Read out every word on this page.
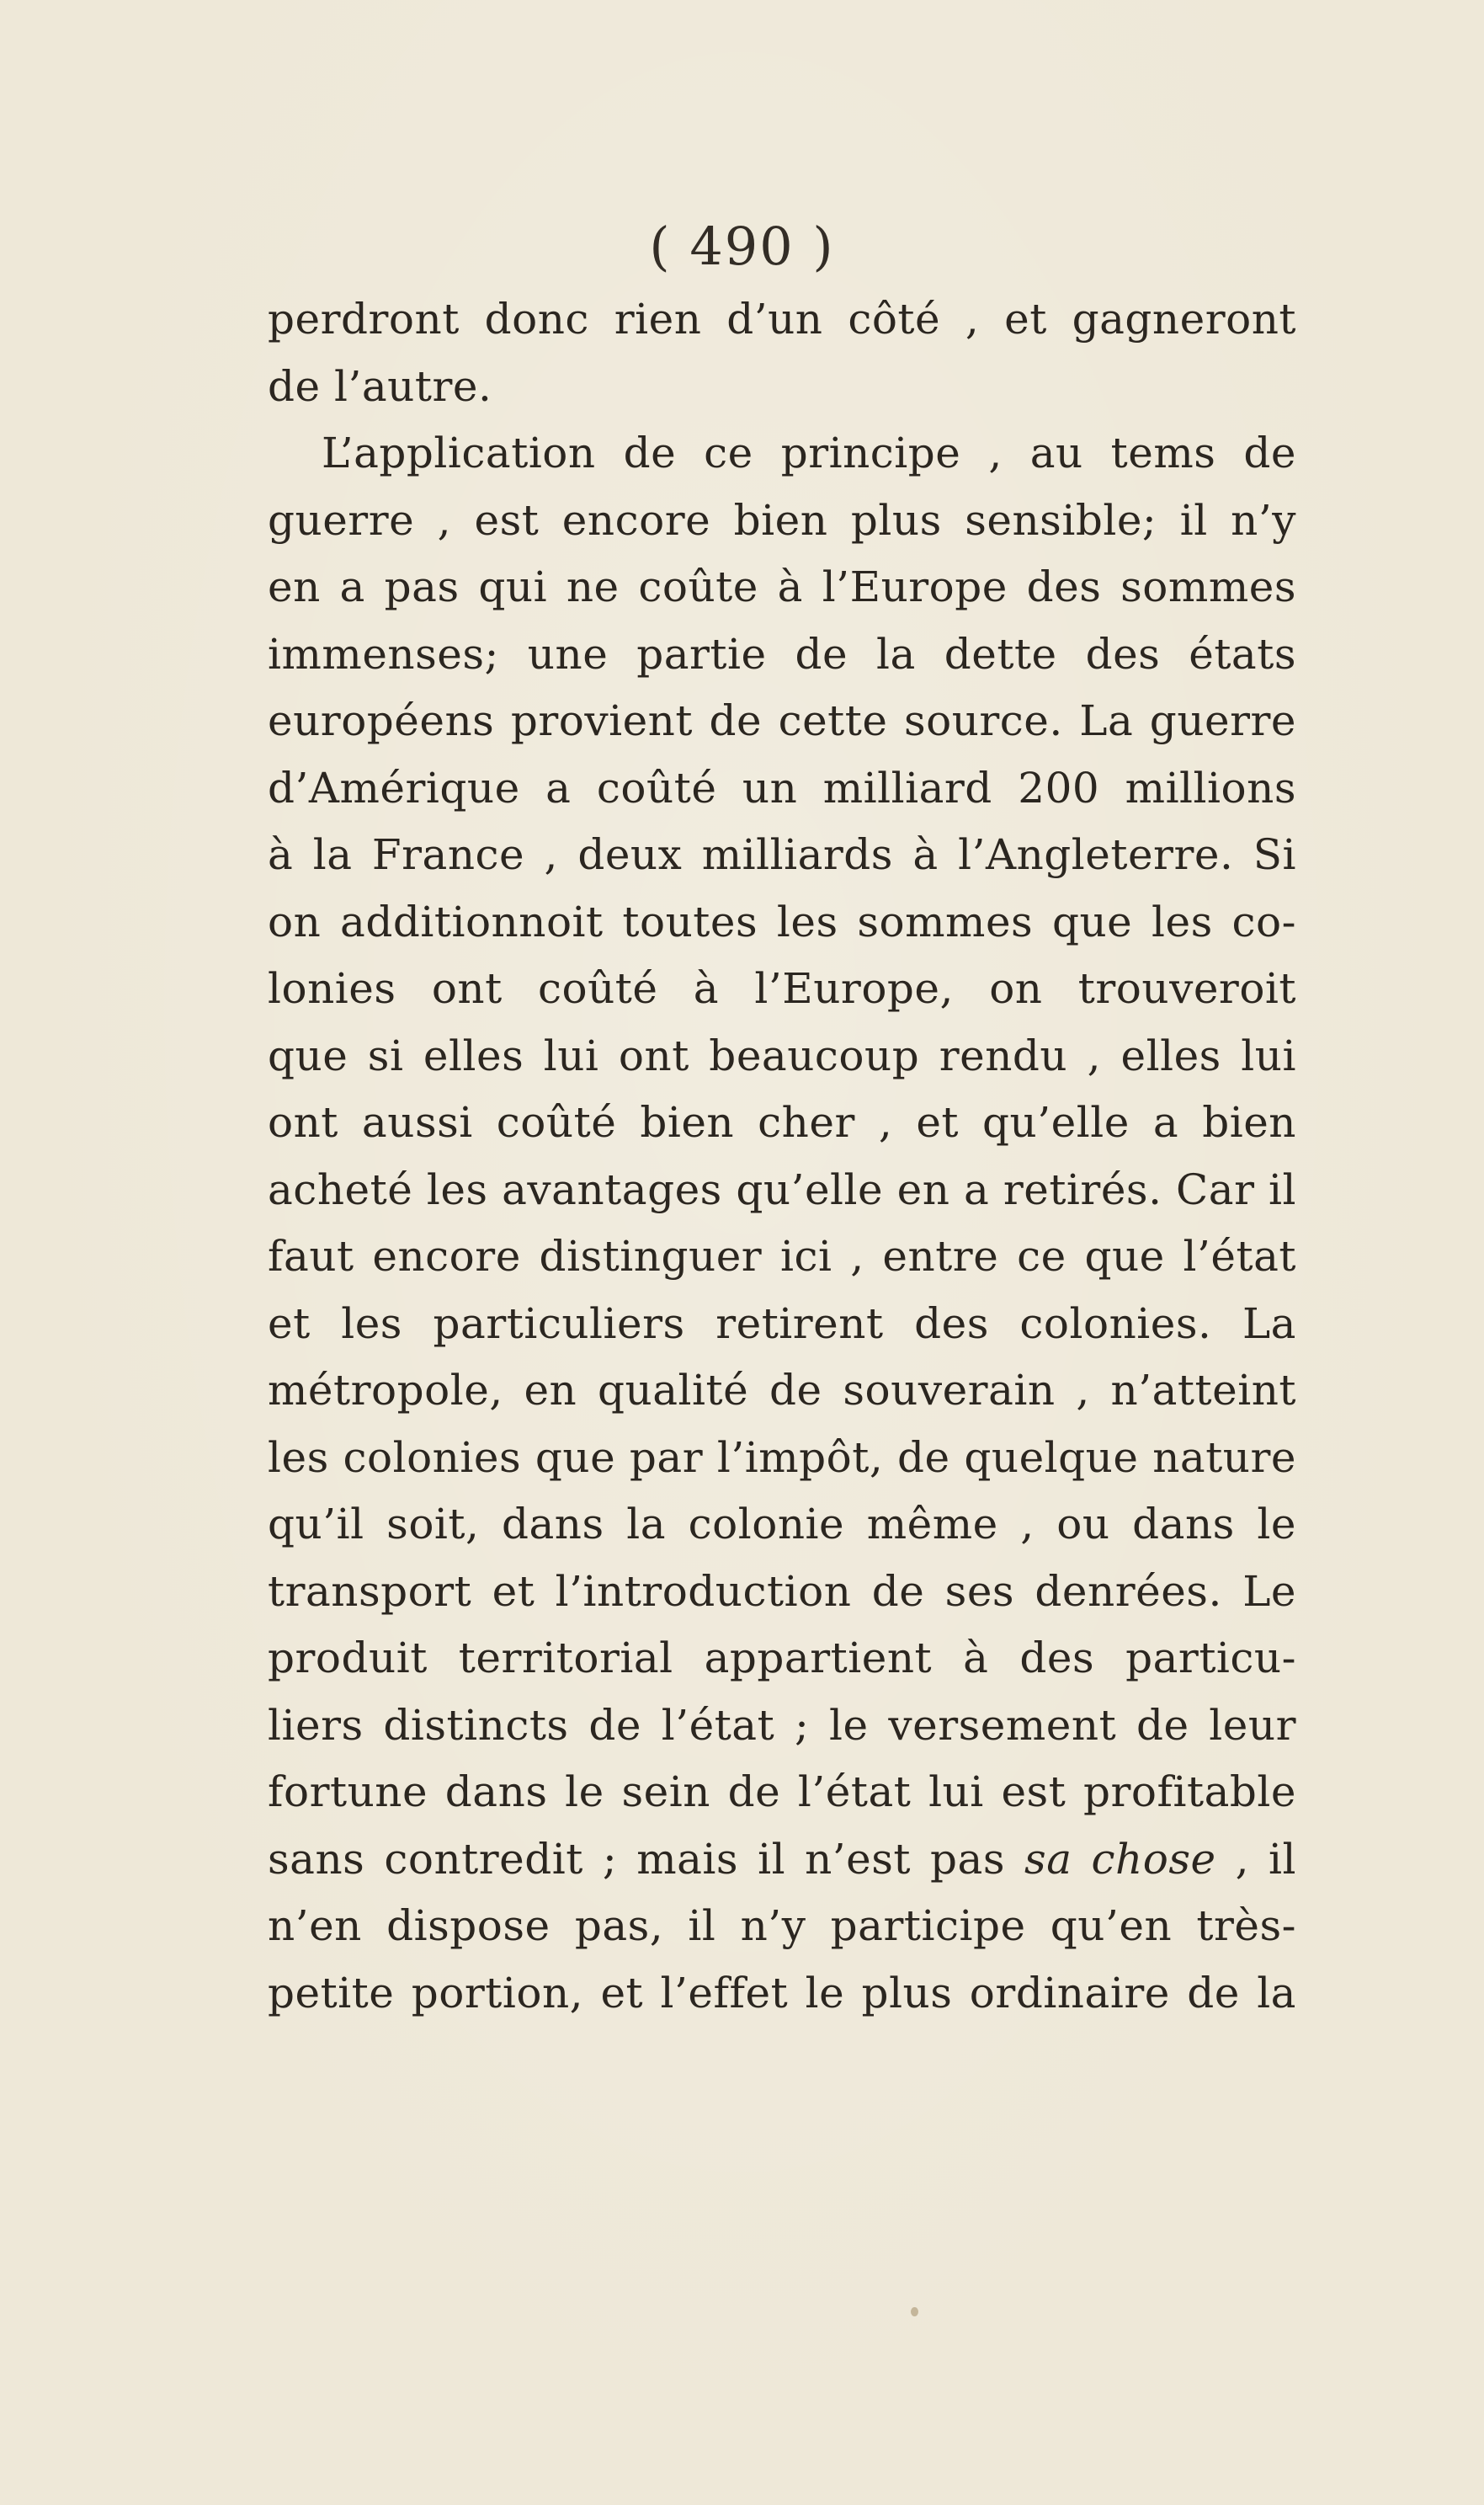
( 490 )
perdront donc rien d’un côté , et gagneront
de l’autre.
L’application de ce principe , au tems de
guerre , est encore bien plus sensible; il n’y
en a pas qui ne coûte à l’Europe des sommes
immenses; une partie de la dette des états
européens provient de cette source. La guerre
d’Amérique a coûté un milliard 200 millions
à la France , deux milliards à l’Angleterre. Si
on additionnoit toutes les sommes que les co-
lonies ont coûté à l’Europe, on trouveroit
que si elles lui ont beaucoup rendu , elles lui
ont aussi coûté bien cher , et qu’elle a bien
acheté les avantages qu’elle en a retirés. Car il
faut encore distinguer ici , entre ce que l’état
et les particuliers retirent des colonies. La
métropole, en qualité de souverain , n’atteint
les colonies que par l’impôt, de quelque nature
qu’il soit, dans la colonie même , ou dans le
transport et l’introduction de ses denrées. Le
produit territorial appartient à des particu-
liers distincts de l’état ; le versement de leur
fortune dans le sein de l’état lui est profitable
sans contredit ; mais il n’est pas sa chose , il
n’en dispose pas, il n’y participe qu’en très-
petite portion, et l’effet le plus ordinaire de la
